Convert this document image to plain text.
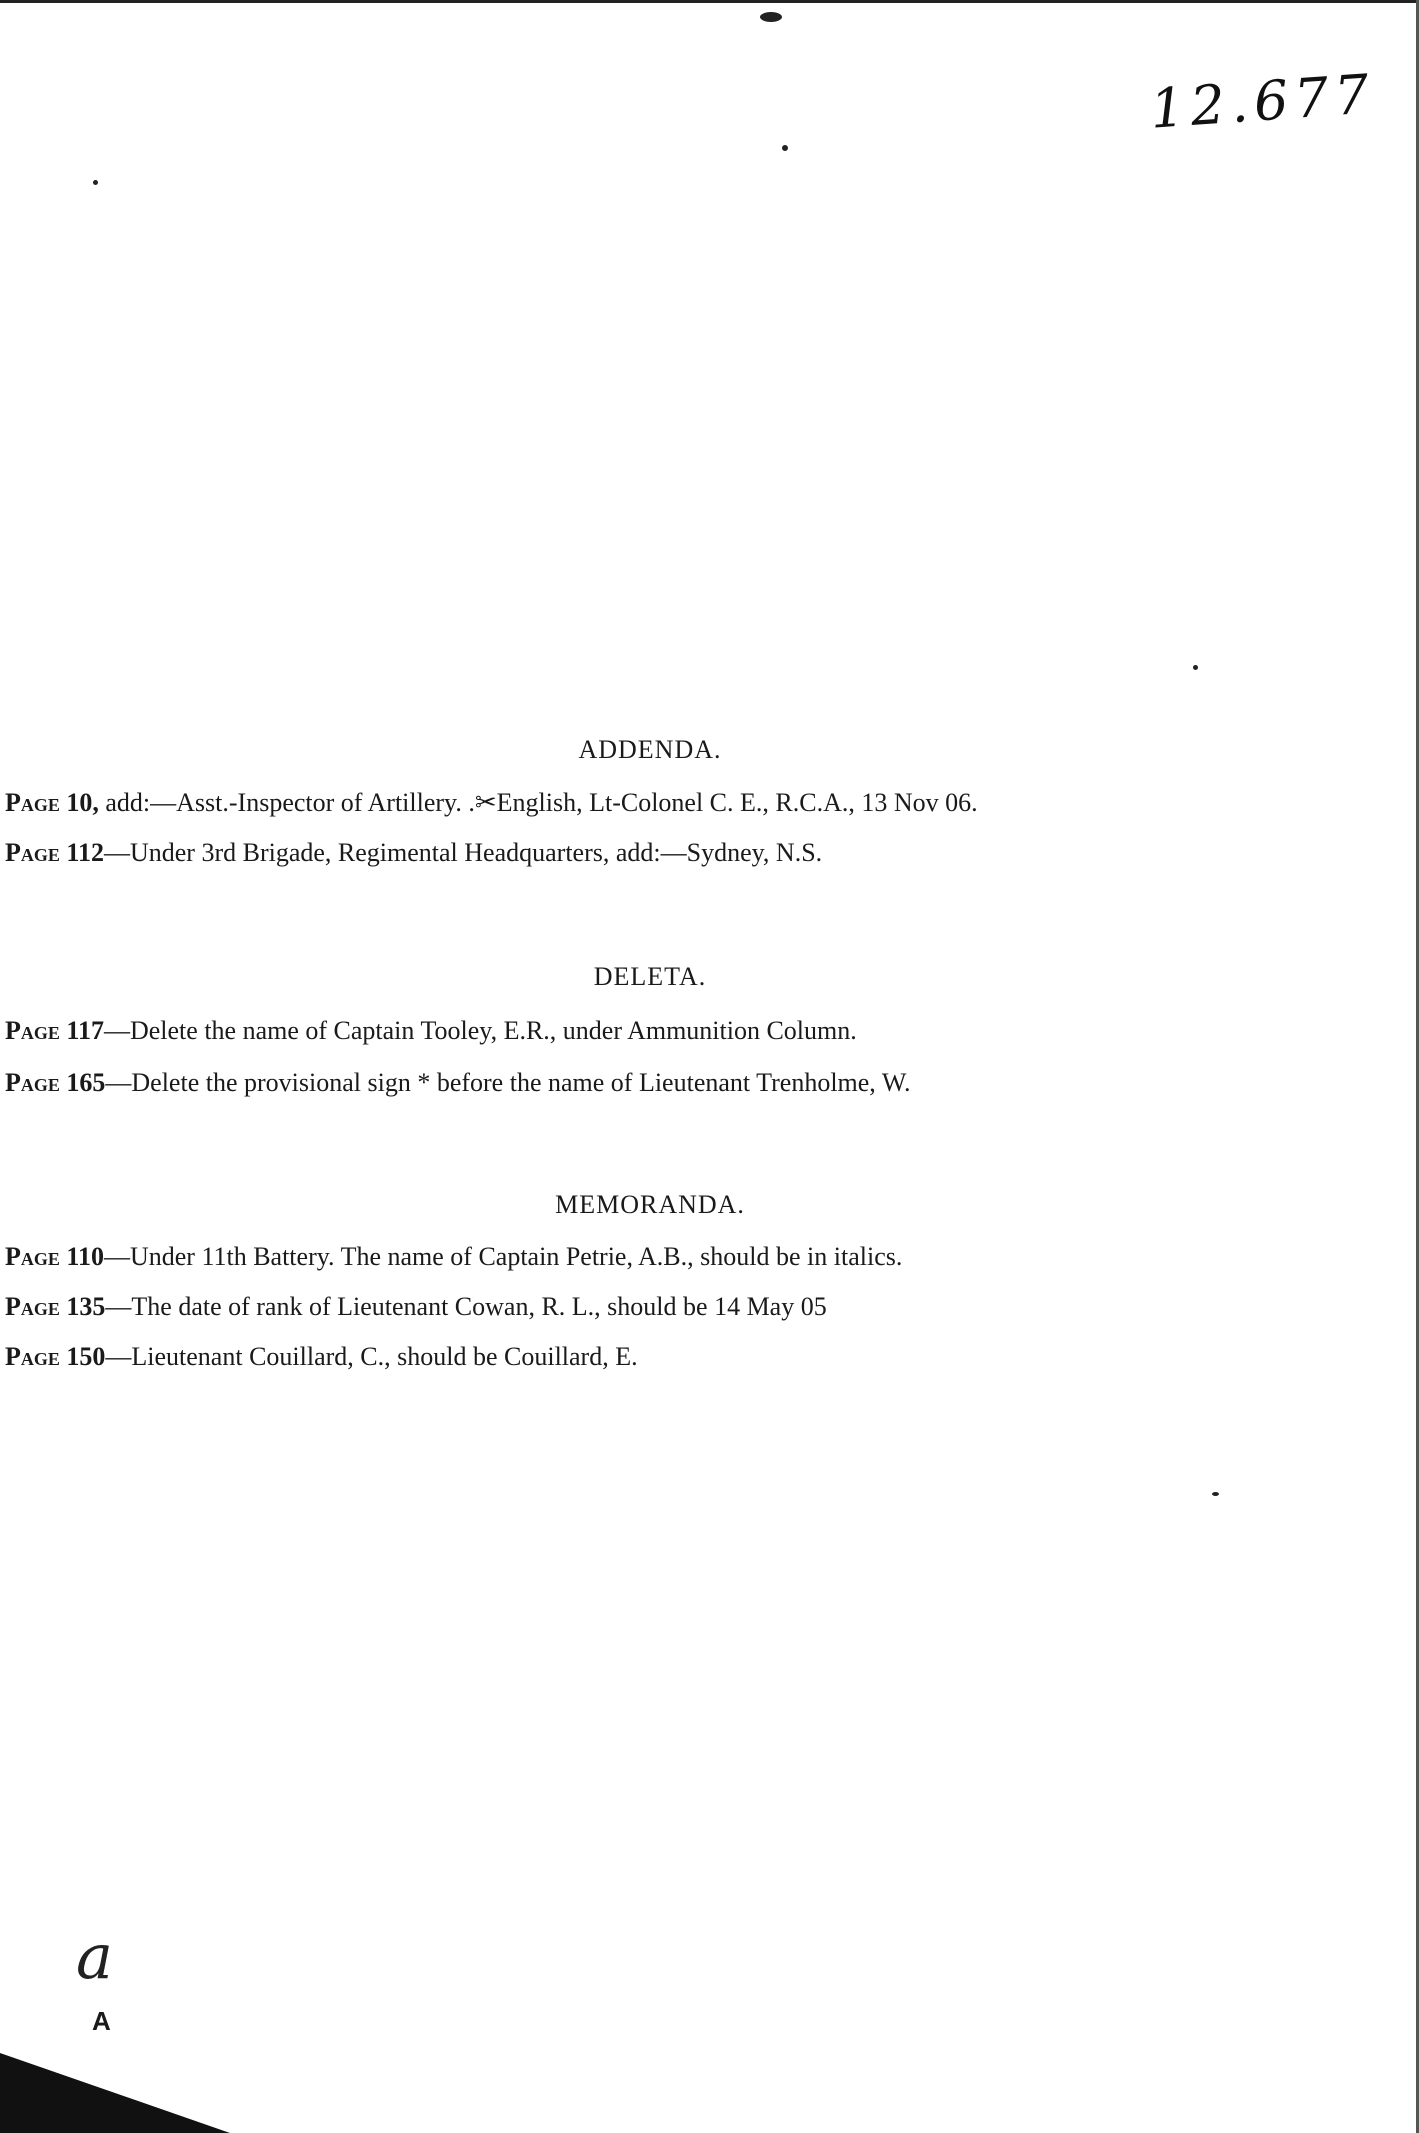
12.677
ADDENDA.
Page 10, add:—Asst.-Inspector of Artillery. .✂English, Lt-Colonel C. E., R.C.A., 13 Nov 06.
Page 112—Under 3rd Brigade, Regimental Headquarters, add:—Sydney, N.S.
DELETA.
Page 117—Delete the name of Captain Tooley, E.R., under Ammunition Column.
Page 165—Delete the provisional sign * before the name of Lieutenant Trenholme, W.
MEMORANDA.
Page 110—Under 11th Battery. The name of Captain Petrie, A.B., should be in italics.
Page 135—The date of rank of Lieutenant Cowan, R. L., should be 14 May 05
Page 150—Lieutenant Couillard, C., should be Couillard, E.
a
A
